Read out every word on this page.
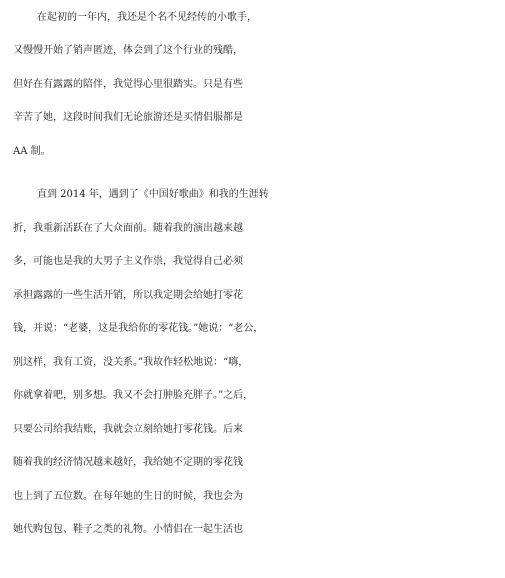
在起初的一年内，我还是个名不见经传的小歌手，
又慢慢开始了销声匿迹，体会到了这个行业的残酷，
但好在有露露的陪伴，我觉得心里很踏实。只是有些
辛苦了她，这段时间我们无论旅游还是买情侣服都是
AA 制。
直到 2014 年，遇到了《中国好歌曲》和我的生涯转
折，我重新活跃在了大众面前。随着我的演出越来越
多，可能也是我的大男子主义作祟，我觉得自己必须
承担露露的一些生活开销，所以我定期会给她打零花
钱，并说：“老婆，这是我给你的零花钱。”她说：“老公，
别这样，我有工资，没关系。”我故作轻松地说：“嗨，
你就拿着吧，别多想。我又不会打肿脸充胖子。”之后，
只要公司给我结账，我就会立刻给她打零花钱。后来
随着我的经济情况越来越好，我给她不定期的零花钱
也上到了五位数。在每年她的生日的时候，我也会为
她代购包包、鞋子之类的礼物。小情侣在一起生活也
